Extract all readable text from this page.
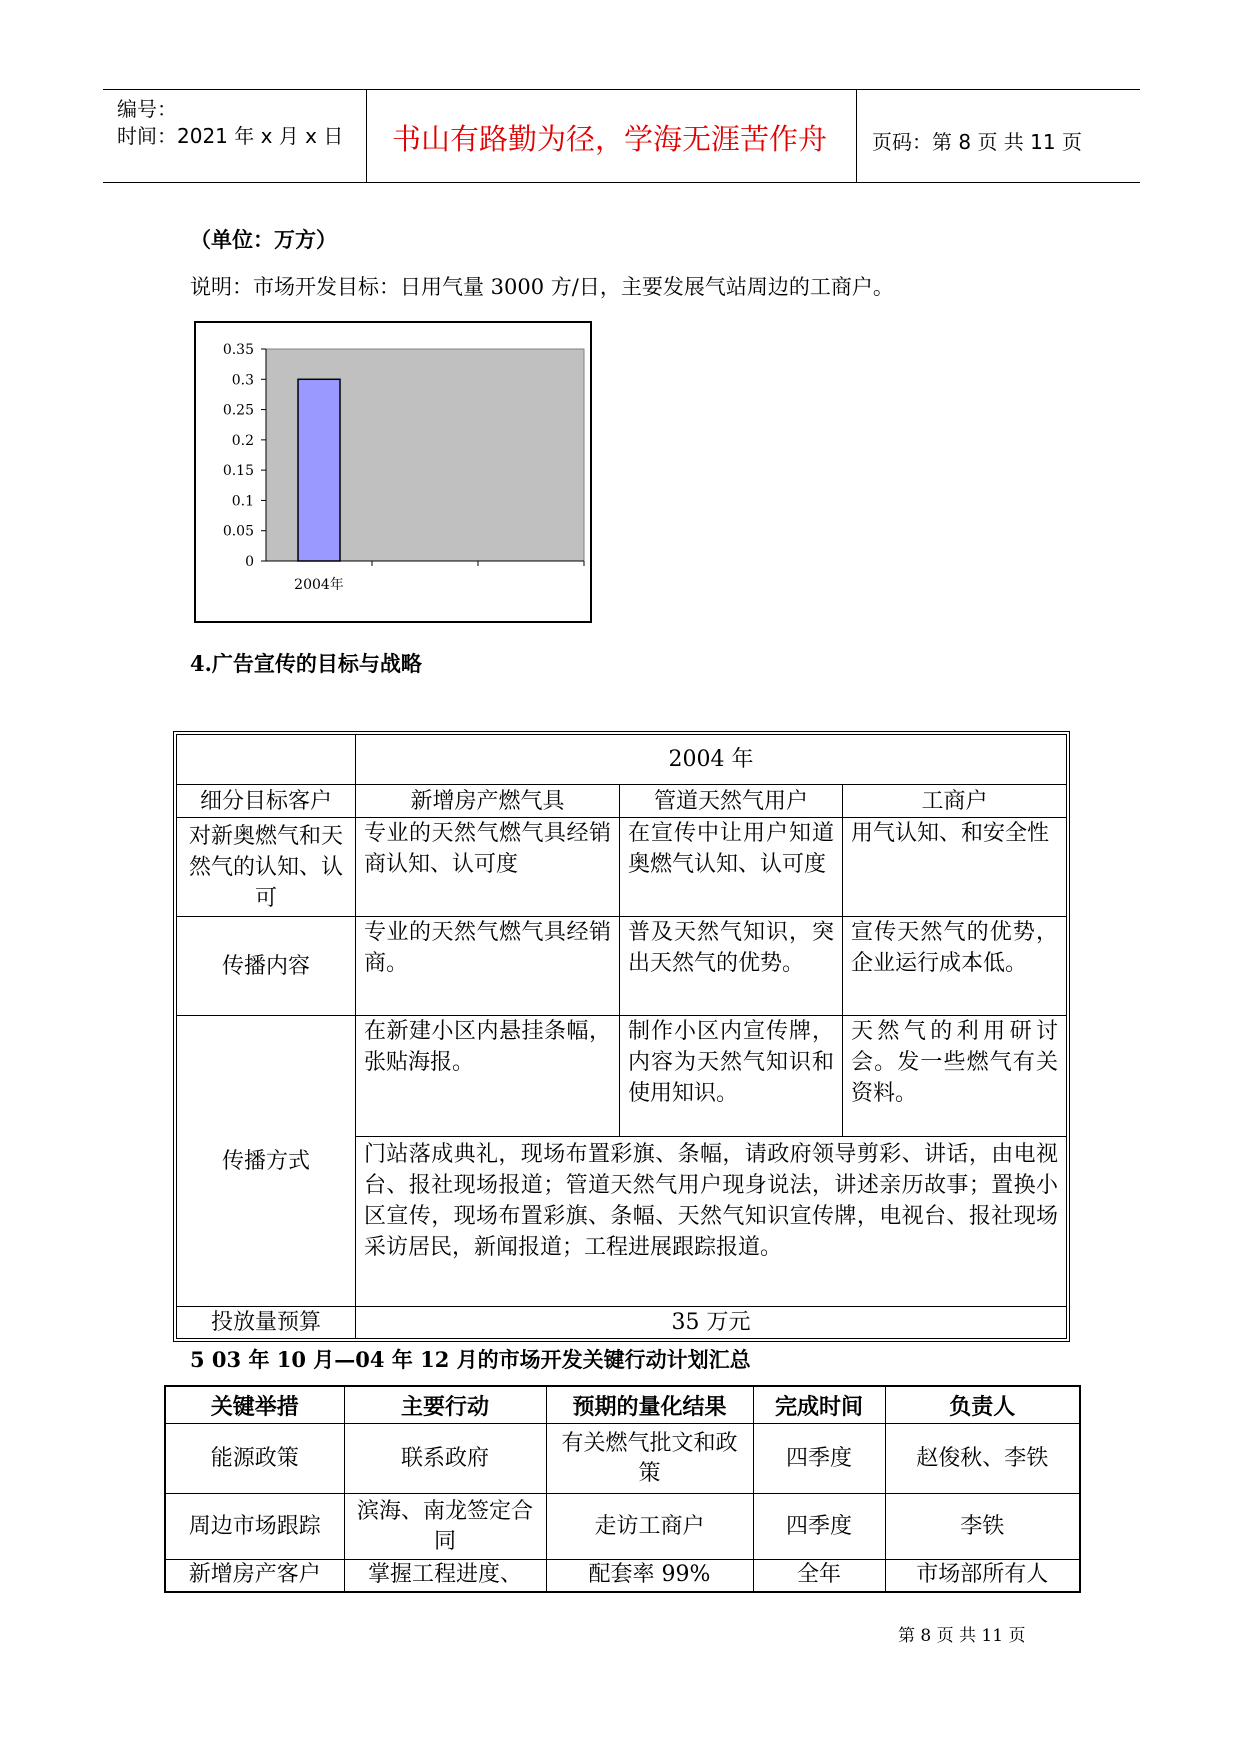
编号：
时间：2021 年 x 月 x 日 书山有路勤为径，学海无涯苦作舟 页码：第 8 页 共 11 页
（单位：万方）
说明：市场开发目标：日用气量 3000 方/日，主要发展气站周边的工商户。
0
0.05
0.1
0.15
0.2
0.25
0.3
0.35
2004年
4.广告宣传的目标与战略
	2004 年		
细分目标客户	新增房产燃气具	管道天然气用户	工商户
对新奥燃气和天然气的认知、认可	专业的天然气燃气具经销商认知、认可度	在宣传中让用户知道奥燃气认知、认可度	用气认知、和安全性
传播内容	专业的天然气燃气具经销商。	普及天然气知识，突出天然气的优势。	宣传天然气的优势，企业运行成本低。
传播方式	在新建小区内悬挂条幅，张贴海报。	制作小区内宣传牌，内容为天然气知识和使用知识。	天然气的利用研讨会。发一些燃气有关资料。
	门站落成典礼，现场布置彩旗、条幅，请政府领导剪彩、讲话，由电视台、报社现场报道；管道天然气用户现身说法，讲述亲历故事；置换小区宣传，现场布置彩旗、条幅、天然气知识宣传牌，电视台、报社现场采访居民，新闻报道；工程进展跟踪报道。		
投放量预算	35 万元		
5 03 年 10 月—04 年 12 月的市场开发关键行动计划汇总
关键举措	主要行动	预期的量化结果	完成时间	负责人
能源政策	联系政府	有关燃气批文和政策	四季度	赵俊秋、李铁
周边市场跟踪	滨海、南龙签定合同	走访工商户	四季度	李铁
新增房产客户	掌握工程进度、	配套率 99%	全年	市场部所有人
第 8 页 共 11 页
